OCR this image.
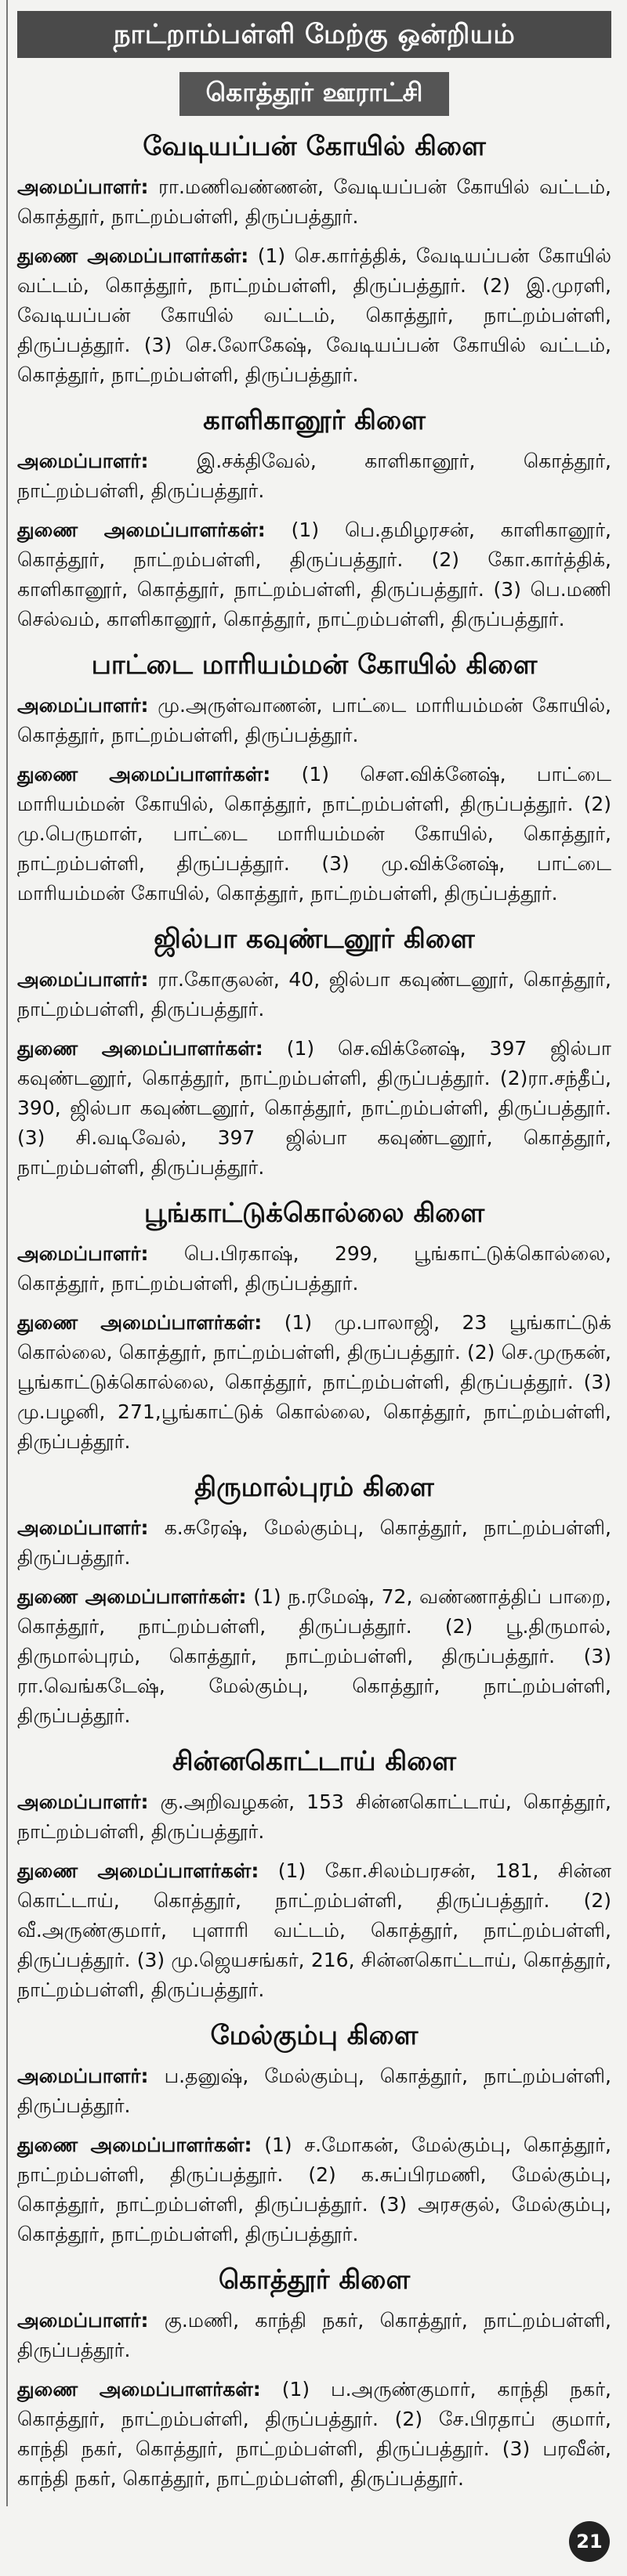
நாட்றாம்பள்ளி மேற்கு ஒன்றியம்
கொத்தூர் ஊராட்சி
வேடியப்பன் கோயில் கிளை

அமைப்பாளர்: ரா.மணிவண்ணன், வேடியப்பன் கோயில் வட்டம், கொத்தூர், நாட்றம்பள்ளி, திருப்பத்தூர்.

துணை அமைப்பாளர்கள்: (1) செ.கார்த்திக், வேடியப்பன் கோயில் வட்டம், கொத்தூர், நாட்றம்பள்ளி, திருப்பத்தூர். (2) இ.முரளி, வேடியப்பன் கோயில் வட்டம், கொத்தூர், நாட்றம்பள்ளி, திருப்பத்தூர். (3) செ.லோகேஷ், வேடியப்பன் கோயில் வட்டம், கொத்தூர், நாட்றம்பள்ளி, திருப்பத்தூர்.

காளிகானூர் கிளை

அமைப்பாளர்: இ.சக்திவேல், காளிகானூர், கொத்தூர், நாட்றம்பள்ளி, திருப்பத்தூர்.

துணை அமைப்பாளர்கள்: (1) பெ.தமிழரசன், காளிகானூர், கொத்தூர், நாட்றம்பள்ளி, திருப்பத்தூர். (2) கோ.கார்த்திக், காளிகானூர், கொத்தூர், நாட்றம்பள்ளி, திருப்பத்தூர். (3) பெ.மணி செல்வம், காளிகானூர், கொத்தூர், நாட்றம்பள்ளி, திருப்பத்தூர்.

பாட்டை மாரியம்மன் கோயில் கிளை

அமைப்பாளர்: மு.அருள்வாணன், பாட்டை மாரியம்மன் கோயில், கொத்தூர், நாட்றம்பள்ளி, திருப்பத்தூர்.

துணை அமைப்பாளர்கள்: (1) சௌ.விக்னேஷ், பாட்டை மாரியம்மன் கோயில், கொத்தூர், நாட்றம்பள்ளி, திருப்பத்தூர். (2) மு.பெருமாள், பாட்டை மாரியம்மன் கோயில், கொத்தூர், நாட்றம்பள்ளி, திருப்பத்தூர். (3) மு.விக்னேஷ், பாட்டை மாரியம்மன் கோயில், கொத்தூர், நாட்றம்பள்ளி, திருப்பத்தூர்.

ஜில்பா கவுண்டனூர் கிளை

அமைப்பாளர்: ரா.கோகுலன், 40, ஜில்பா கவுண்டனூர், கொத்தூர், நாட்றம்பள்ளி, திருப்பத்தூர்.

துணை அமைப்பாளர்கள்: (1) செ.விக்னேஷ், 397 ஜில்பா கவுண்டனூர், கொத்தூர், நாட்றம்பள்ளி, திருப்பத்தூர். (2)ரா.சந்தீப், 390, ஜில்பா கவுண்டனூர், கொத்தூர், நாட்றம்பள்ளி, திருப்பத்தூர். (3) சி.வடிவேல், 397 ஜில்பா கவுண்டனூர், கொத்தூர், நாட்றம்பள்ளி, திருப்பத்தூர்.

பூங்காட்டுக்கொல்லை கிளை

அமைப்பாளர்: பெ.பிரகாஷ், 299, பூங்காட்டுக்கொல்லை, கொத்தூர், நாட்றம்பள்ளி, திருப்பத்தூர்.

துணை அமைப்பாளர்கள்: (1) மு.பாலாஜி, 23 பூங்காட்டுக் கொல்லை, கொத்தூர், நாட்றம்பள்ளி, திருப்பத்தூர். (2) செ.முருகன், பூங்காட்டுக்கொல்லை, கொத்தூர், நாட்றம்பள்ளி, திருப்பத்தூர். (3) மு.பழனி, 271,பூங்காட்டுக் கொல்லை, கொத்தூர், நாட்றம்பள்ளி, திருப்பத்தூர்.

திருமால்புரம் கிளை

அமைப்பாளர்: க.சுரேஷ், மேல்கும்பு, கொத்தூர், நாட்றம்பள்ளி, திருப்பத்தூர்.

துணை அமைப்பாளர்கள்: (1) ந.ரமேஷ், 72, வண்ணாத்திப் பாறை, கொத்தூர், நாட்றம்பள்ளி, திருப்பத்தூர். (2) பூ.திருமால், திருமால்புரம், கொத்தூர், நாட்றம்பள்ளி, திருப்பத்தூர். (3) ரா.வெங்கடேஷ், மேல்கும்பு, கொத்தூர், நாட்றம்பள்ளி, திருப்பத்தூர்.

சின்னகொட்டாய் கிளை

அமைப்பாளர்: கு.அறிவழகன், 153 சின்னகொட்டாய், கொத்தூர், நாட்றம்பள்ளி, திருப்பத்தூர்.

துணை அமைப்பாளர்கள்: (1) கோ.சிலம்பரசன், 181, சின்ன கொட்டாய், கொத்தூர், நாட்றம்பள்ளி, திருப்பத்தூர். (2) வீ.அருண்குமார், புளாரி வட்டம், கொத்தூர், நாட்றம்பள்ளி, திருப்பத்தூர். (3) மு.ஜெயசங்கர், 216, சின்னகொட்டாய், கொத்தூர், நாட்றம்பள்ளி, திருப்பத்தூர்.

மேல்கும்பு கிளை

அமைப்பாளர்: ப.தனுஷ், மேல்கும்பு, கொத்தூர், நாட்றம்பள்ளி, திருப்பத்தூர்.

துணை அமைப்பாளர்கள்: (1) ச.மோகன், மேல்கும்பு, கொத்தூர், நாட்றம்பள்ளி, திருப்பத்தூர். (2) க.சுப்பிரமணி, மேல்கும்பு, கொத்தூர், நாட்றம்பள்ளி, திருப்பத்தூர். (3) அரசகுல், மேல்கும்பு, கொத்தூர், நாட்றம்பள்ளி, திருப்பத்தூர்.

கொத்தூர் கிளை

அமைப்பாளர்: கு.மணி, காந்தி நகர், கொத்தூர், நாட்றம்பள்ளி, திருப்பத்தூர்.

துணை அமைப்பாளர்கள்: (1) ப.அருண்குமார், காந்தி நகர், கொத்தூர், நாட்றம்பள்ளி, திருப்பத்தூர். (2) சே.பிரதாப் குமார், காந்தி நகர், கொத்தூர், நாட்றம்பள்ளி, திருப்பத்தூர். (3) பரவீன், காந்தி நகர், கொத்தூர், நாட்றம்பள்ளி, திருப்பத்தூர்.

21
